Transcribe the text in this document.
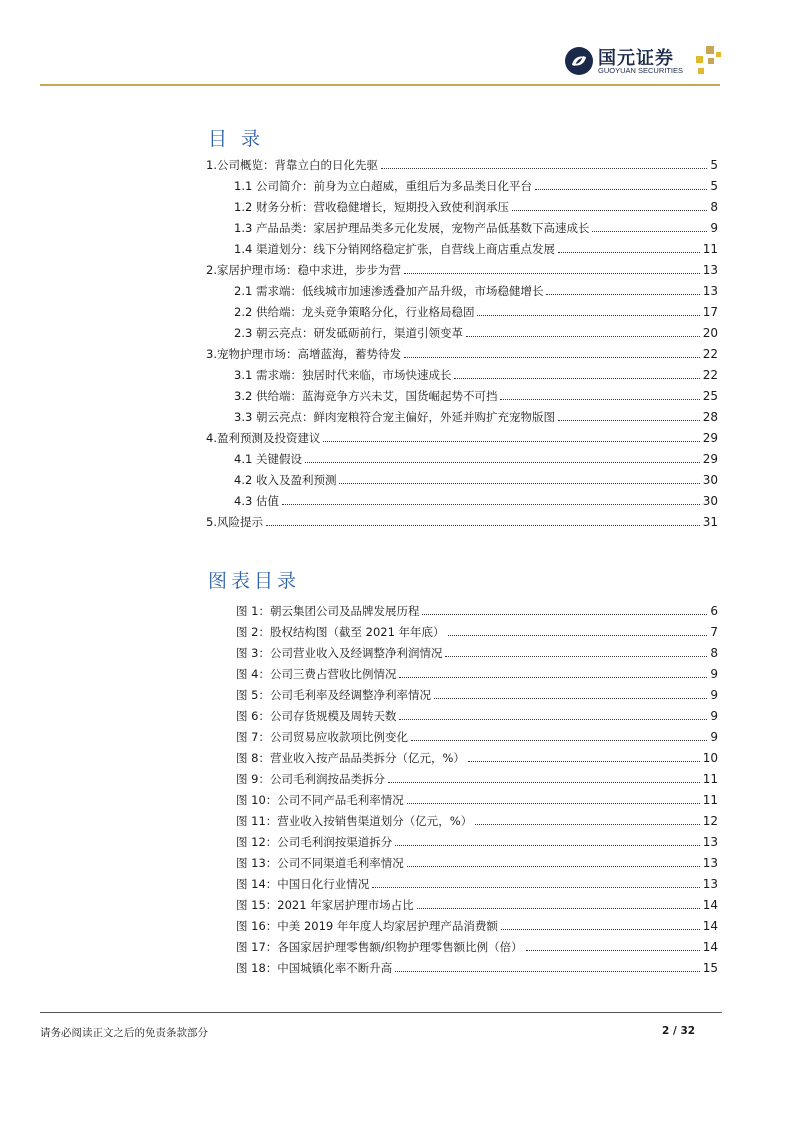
国元证券
GUOYUAN SECURITIES
目 录
1.公司概览：背靠立白的日化先驱	5
1.1 公司简介：前身为立白超威，重组后为多品类日化平台	5
1.2 财务分析：营收稳健增长，短期投入致使利润承压	8
1.3 产品品类：家居护理品类多元化发展，宠物产品低基数下高速成长	9
1.4 渠道划分：线下分销网络稳定扩张，自营线上商店重点发展	11
2.家居护理市场：稳中求进，步步为营	13
2.1 需求端：低线城市加速渗透叠加产品升级，市场稳健增长	13
2.2 供给端：龙头竞争策略分化，行业格局稳固	17
2.3 朝云亮点：研发砥砺前行，渠道引领变革	20
3.宠物护理市场：高增蓝海，蓄势待发	22
3.1 需求端：独居时代来临，市场快速成长	22
3.2 供给端：蓝海竞争方兴未艾，国货崛起势不可挡	25
3.3 朝云亮点：鲜肉宠粮符合宠主偏好，外延并购扩充宠物版图	28
4.盈利预测及投资建议	29
4.1 关键假设	29
4.2 收入及盈利预测	30
4.3 估值	30
5.风险提示	31
图表目录
图 1：朝云集团公司及品牌发展历程	6
图 2：股权结构图（截至 2021 年年底）	7
图 3：公司营业收入及经调整净利润情况	8
图 4：公司三费占营收比例情况	9
图 5：公司毛利率及经调整净利率情况	9
图 6：公司存货规模及周转天数	9
图 7：公司贸易应收款项比例变化	9
图 8：营业收入按产品品类拆分（亿元，%）	10
图 9：公司毛利润按品类拆分	11
图 10：公司不同产品毛利率情况	11
图 11：营业收入按销售渠道划分（亿元，%）	12
图 12：公司毛利润按渠道拆分	13
图 13：公司不同渠道毛利率情况	13
图 14：中国日化行业情况	13
图 15：2021 年家居护理市场占比	14
图 16：中美 2019 年年度人均家居护理产品消费额	14
图 17：各国家居护理零售额/织物护理零售额比例（倍）	14
图 18：中国城镇化率不断升高	15
请务必阅读正文之后的免责条款部分	2 / 32
